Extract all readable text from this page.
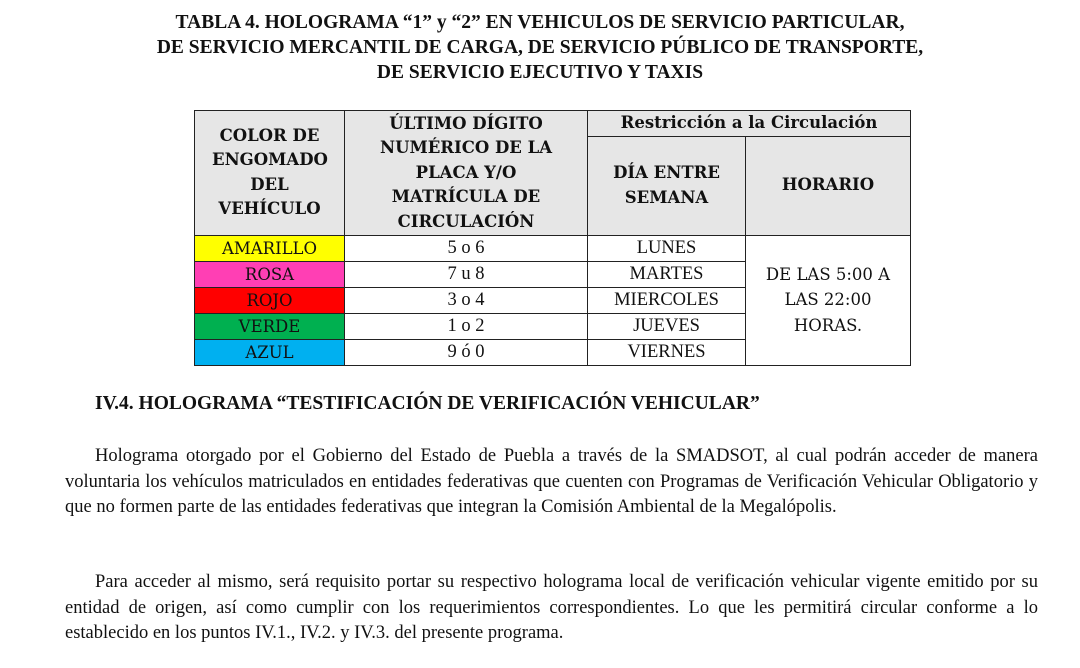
TABLA 4. HOLOGRAMA “1” y “2” EN VEHICULOS DE SERVICIO PARTICULAR,
DE SERVICIO MERCANTIL DE CARGA, DE SERVICIO PÚBLICO DE TRANSPORTE,
DE SERVICIO EJECUTIVO Y TAXIS
COLOR DE ENGOMADO DEL VEHÍCULO	ÚLTIMO DÍGITO NUMÉRICO DE LA PLACA Y/O MATRÍCULA DE CIRCULACIÓN	Restricción a la Circulación	

		DÍA ENTRE SEMANA	HORARIO
AMARILLO	5 o 6	LUNES	DE LAS 5:00 A LAS 22:00 HORAS.

ROSA	7 u 8	MARTES	
ROJO	3 o 4	MIERCOLES	
VERDE	1 o 2	JUEVES	
AZUL	9 ó 0	VIERNES	
IV.4. HOLOGRAMA “TESTIFICACIÓN DE VERIFICACIÓN VEHICULAR”

Holograma otorgado por el Gobierno del Estado de Puebla a través de la SMADSOT, al cual podrán acceder de manera voluntaria los vehículos matriculados en entidades federativas que cuenten con Programas de Verificación Vehicular Obligatorio y que no formen parte de las entidades federativas que integran la Comisión Ambiental de la Megalópolis.

Para acceder al mismo, será requisito portar su respectivo holograma local de verificación vehicular vigente emitido por su entidad de origen, así como cumplir con los requerimientos correspondientes. Lo que les permitirá circular conforme a lo establecido en los puntos IV.1., IV.2. y IV.3. del presente programa.
